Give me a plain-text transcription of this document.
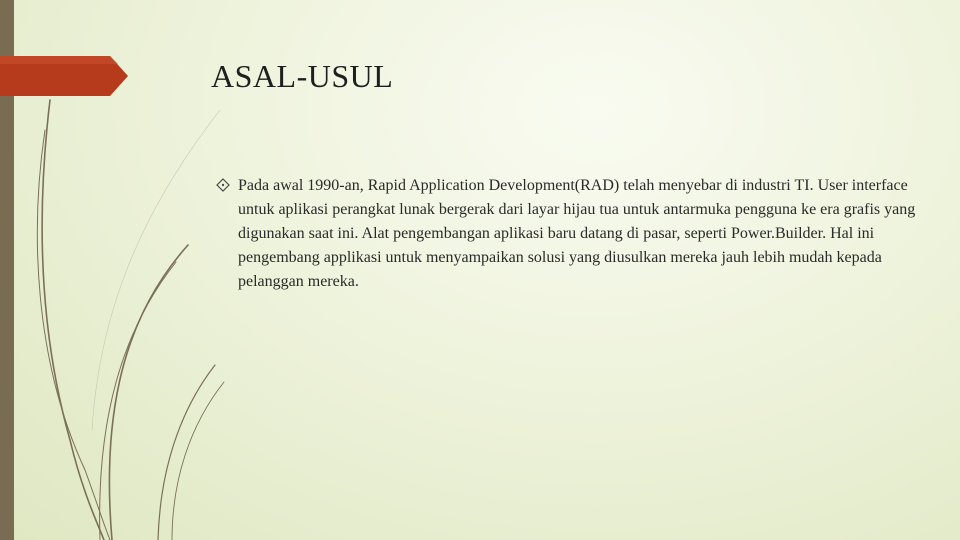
ASAL-USUL

Pada awal 1990-an, Rapid Application Development(RAD) telah menyebar di industri TI. User interface untuk aplikasi perangkat lunak bergerak dari layar hijau tua untuk antarmuka pengguna ke era grafis yang digunakan saat ini. Alat pengembangan aplikasi baru datang di pasar, seperti Power.Builder. Hal ini pengembang applikasi untuk menyampaikan solusi yang diusulkan mereka jauh lebih mudah kepada pelanggan mereka.
